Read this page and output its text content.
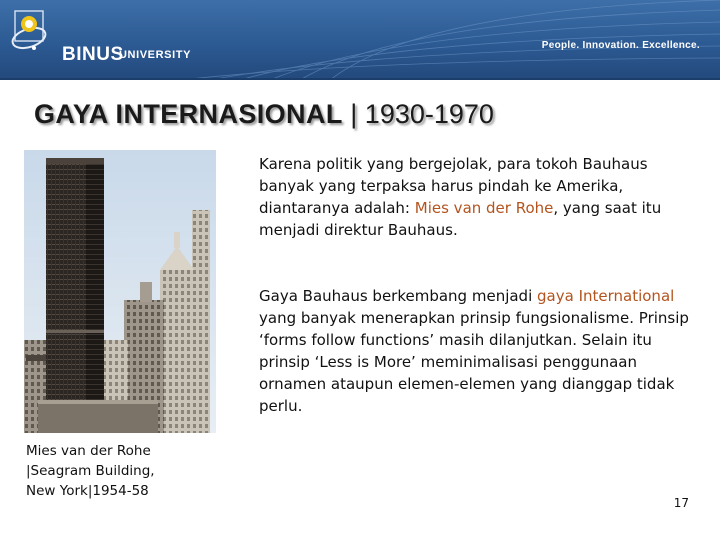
BINUS
UNIVERSITY
People. Innovation. Excellence.
GAYA INTERNASIONAL | 1930-1970
Mies van der Rohe
|Seagram Building,
New York|1954-58

Karena politik yang bergejolak, para tokoh Bauhaus banyak yang terpaksa harus pindah ke Amerika, diantaranya adalah: Mies van der Rohe, yang saat itu menjadi direktur Bauhaus.

Gaya Bauhaus berkembang menjadi gaya International yang banyak menerapkan prinsip fungsionalisme. Prinsip ‘forms follow functions’ masih dilanjutkan. Selain itu prinsip ‘Less is More’ meminimalisasi penggunaan ornamen ataupun elemen-elemen yang dianggap tidak perlu.

17
